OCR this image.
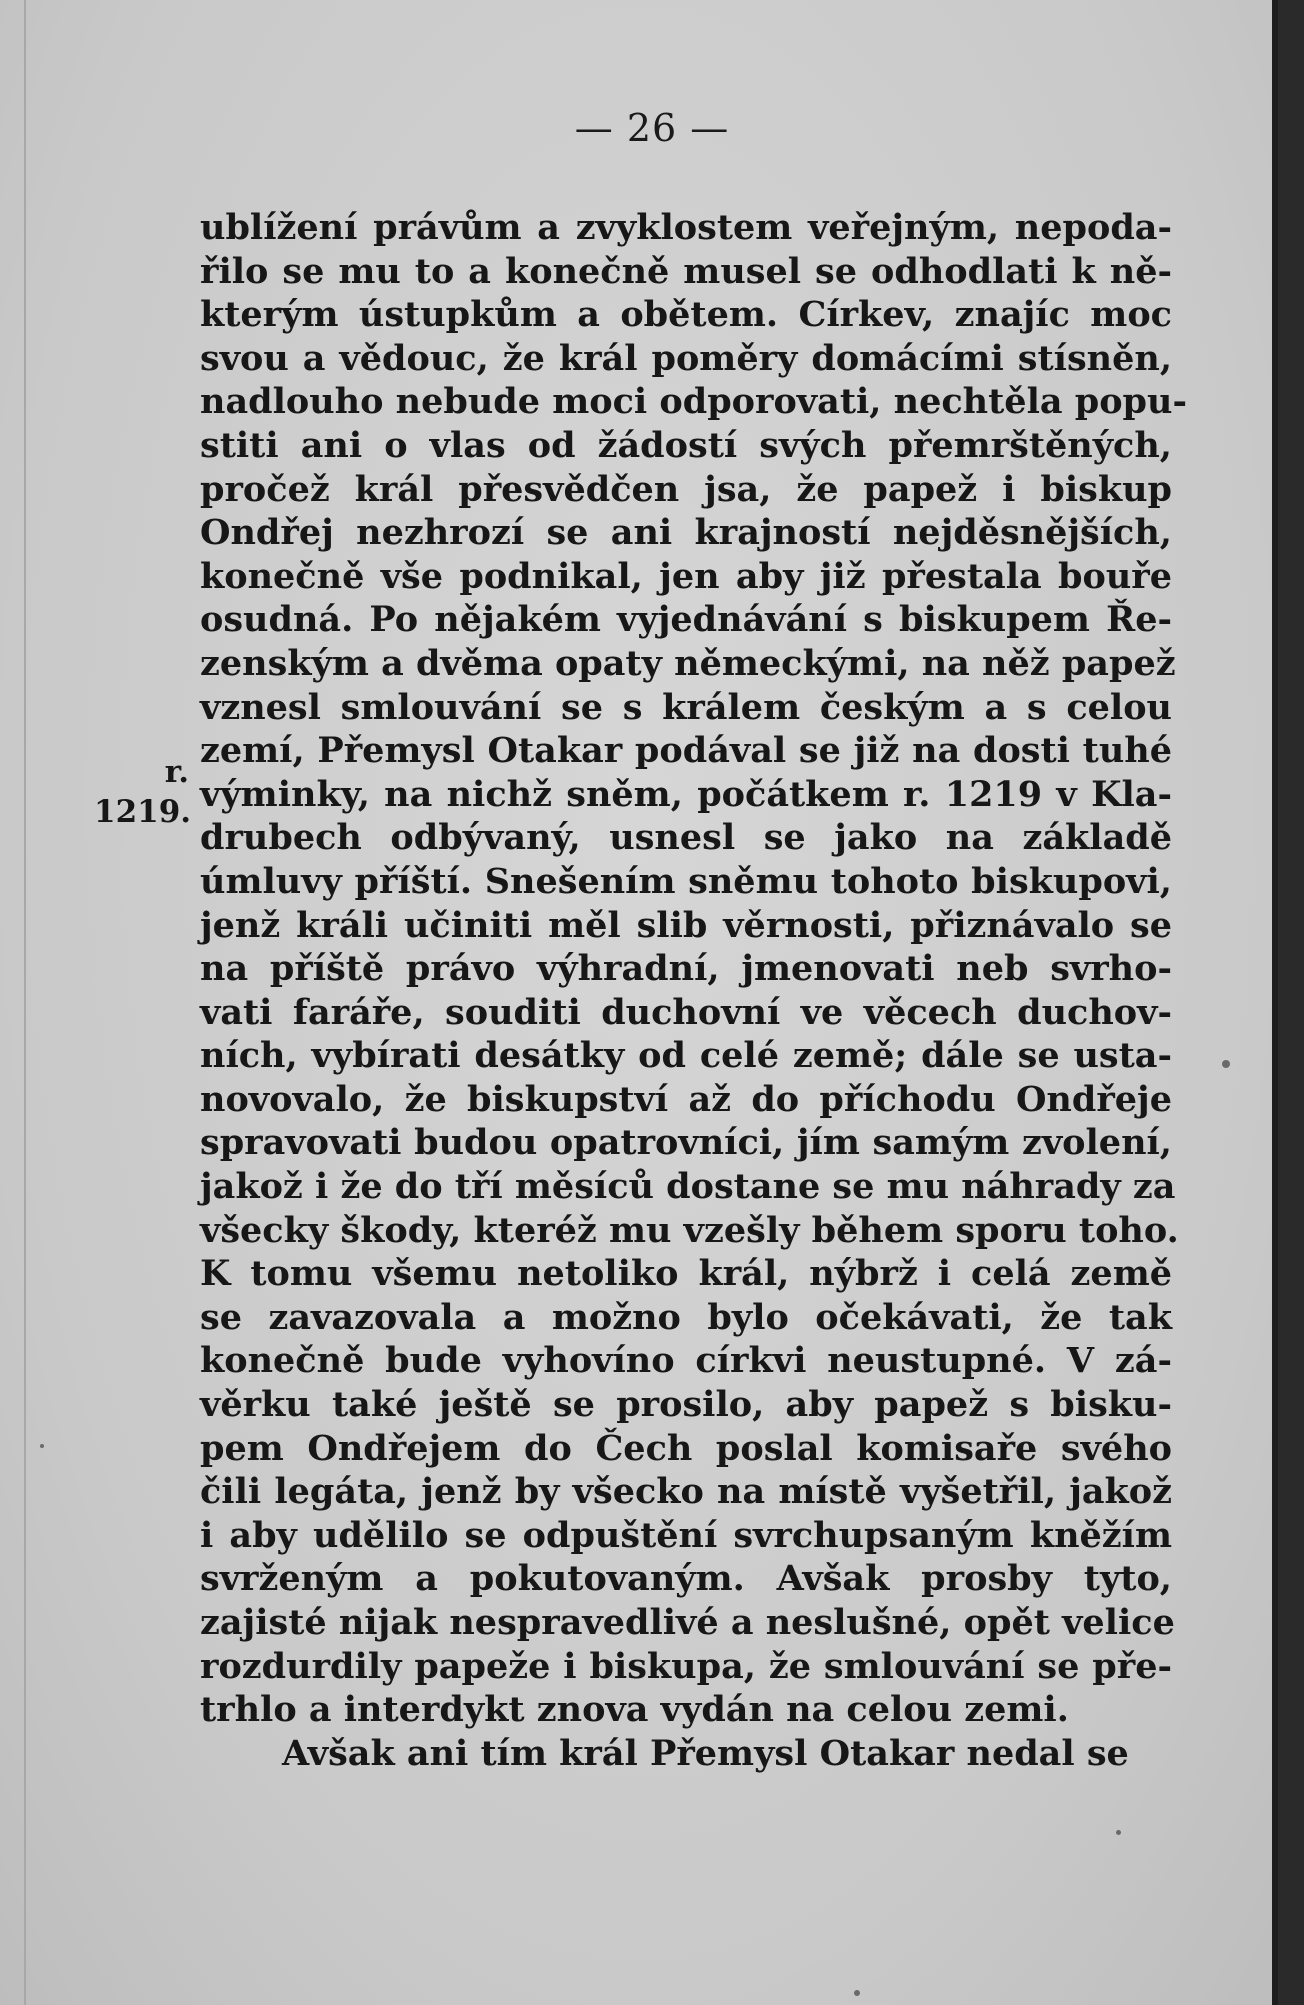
— 26 —
r.
1219.
ublížení právům a zvyklostem veřejným, nepoda-
řilo se mu to a konečně musel se odhodlati k ně-
kterým ústupkům a obětem. Církev, znajíc moc
svou a vědouc, že král poměry domácími stísněn,
nadlouho nebude moci odporovati, nechtěla popu-
stiti ani o vlas od žádostí svých přemrštěných,
pročež král přesvědčen jsa, že papež i biskup
Ondřej nezhrozí se ani krajností nejděsnějších,
konečně vše podnikal, jen aby již přestala bouře
osudná. Po nějakém vyjednávání s biskupem Ře-
zenským a dvěma opaty německými, na něž papež
vznesl smlouvání se s králem českým a s celou
zemí, Přemysl Otakar podával se již na dosti tuhé
výminky, na nichž sněm, počátkem r. 1219 v Kla-
drubech odbývaný, usnesl se jako na základě
úmluvy příští. Snešením sněmu tohoto biskupovi,
jenž králi učiniti měl slib věrnosti, přiznávalo se
na příště právo výhradní, jmenovati neb svrho-
vati faráře, souditi duchovní ve věcech duchov-
ních, vybírati desátky od celé země; dále se usta-
novovalo, že biskupství až do příchodu Ondřeje
spravovati budou opatrovníci, jím samým zvolení,
jakož i že do tří měsíců dostane se mu náhrady za
všecky škody, kteréž mu vzešly během sporu toho.
K tomu všemu netoliko král, nýbrž i celá země
se zavazovala a možno bylo očekávati, že tak
konečně bude vyhovíno církvi neustupné. V zá-
věrku také ještě se prosilo, aby papež s bisku-
pem Ondřejem do Čech poslal komisaře svého
čili legáta, jenž by všecko na místě vyšetřil, jakož
i aby udělilo se odpuštění svrchupsaným kněžím
svrženým a pokutovaným. Avšak prosby tyto,
zajisté nijak nespravedlivé a neslušné, opět velice
rozdurdily papeže i biskupa, že smlouvání se pře-
trhlo a interdykt znova vydán na celou zemi.
Avšak ani tím král Přemysl Otakar nedal se
